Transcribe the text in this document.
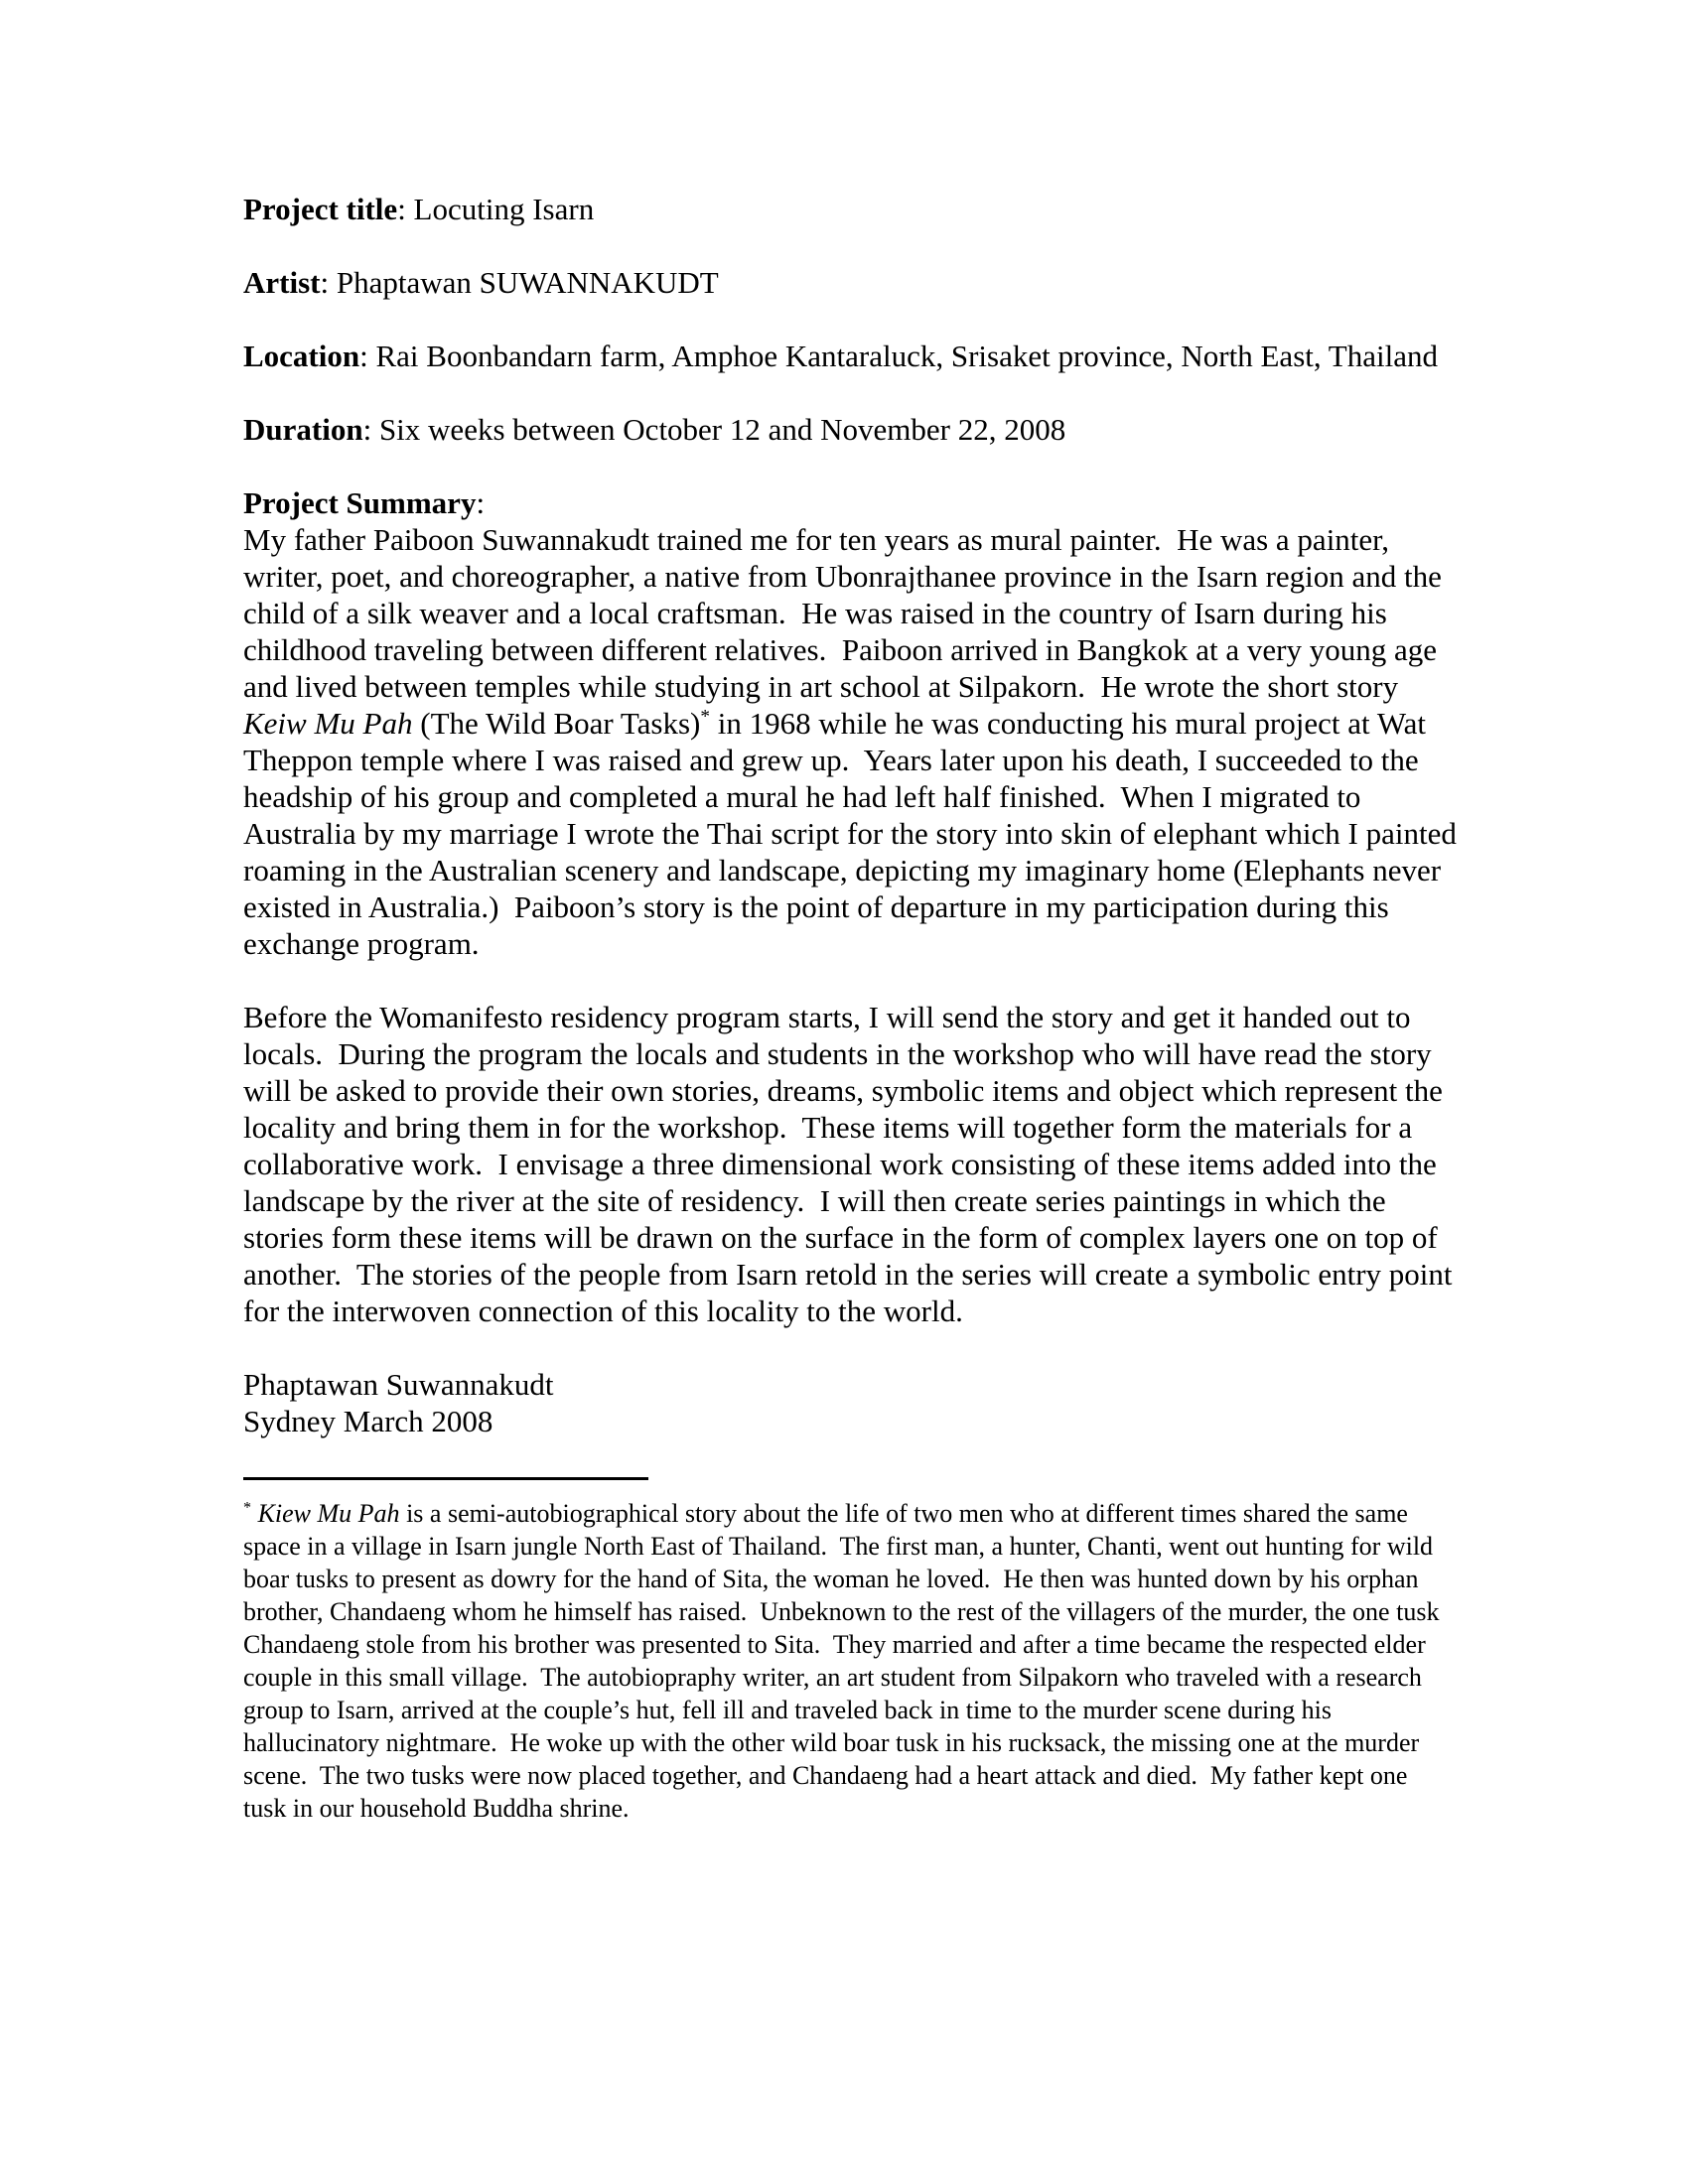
Project title: Locuting Isarn

Artist: Phaptawan SUWANNAKUDT

Location: Rai Boonbandarn farm, Amphoe Kantaraluck, Srisaket province, North East, Thailand

Duration: Six weeks between October 12 and November 22, 2008

Project Summary:

My father Paiboon Suwannakudt trained me for ten years as mural painter.  He was a painter, writer, poet, and choreographer, a native from Ubonrajthanee province in the Isarn region and the child of a silk weaver and a local craftsman.  He was raised in the country of Isarn during his childhood traveling between different relatives.  Paiboon arrived in Bangkok at a very young age and lived between temples while studying in art school at Silpakorn.  He wrote the short story Keiw Mu Pah (The Wild Boar Tasks)* in 1968 while he was conducting his mural project at Wat Theppon temple where I was raised and grew up.  Years later upon his death, I succeeded to the headship of his group and completed a mural he had left half finished.  When I migrated to Australia by my marriage I wrote the Thai script for the story into skin of elephant which I painted roaming in the Australian scenery and landscape, depicting my imaginary home (Elephants never existed in Australia.)  Paiboon’s story is the point of departure in my participation during this exchange program.

Before the Womanifesto residency program starts, I will send the story and get it handed out to locals.  During the program the locals and students in the workshop who will have read the story will be asked to provide their own stories, dreams, symbolic items and object which represent the locality and bring them in for the workshop.  These items will together form the materials for a collaborative work.  I envisage a three dimensional work consisting of these items added into the landscape by the river at the site of residency.  I will then create series paintings in which the stories form these items will be drawn on the surface in the form of complex layers one on top of another.  The stories of the people from Isarn retold in the series will create a symbolic entry point for the interwoven connection of this locality to the world.

Phaptawan Suwannakudt

Sydney March 2008

* Kiew Mu Pah is a semi-autobiographical story about the life of two men who at different times shared the same space in a village in Isarn jungle North East of Thailand.  The first man, a hunter, Chanti, went out hunting for wild boar tusks to present as dowry for the hand of Sita, the woman he loved.  He then was hunted down by his orphan brother, Chandaeng whom he himself has raised.  Unbeknown to the rest of the villagers of the murder, the one tusk Chandaeng stole from his brother was presented to Sita.  They married and after a time became the respected elder couple in this small village.  The autobiopraphy writer, an art student from Silpakorn who traveled with a research group to Isarn, arrived at the couple’s hut, fell ill and traveled back in time to the murder scene during his hallucinatory nightmare.  He woke up with the other wild boar tusk in his rucksack, the missing one at the murder scene.  The two tusks were now placed together, and Chandaeng had a heart attack and died.  My father kept one tusk in our household Buddha shrine.
